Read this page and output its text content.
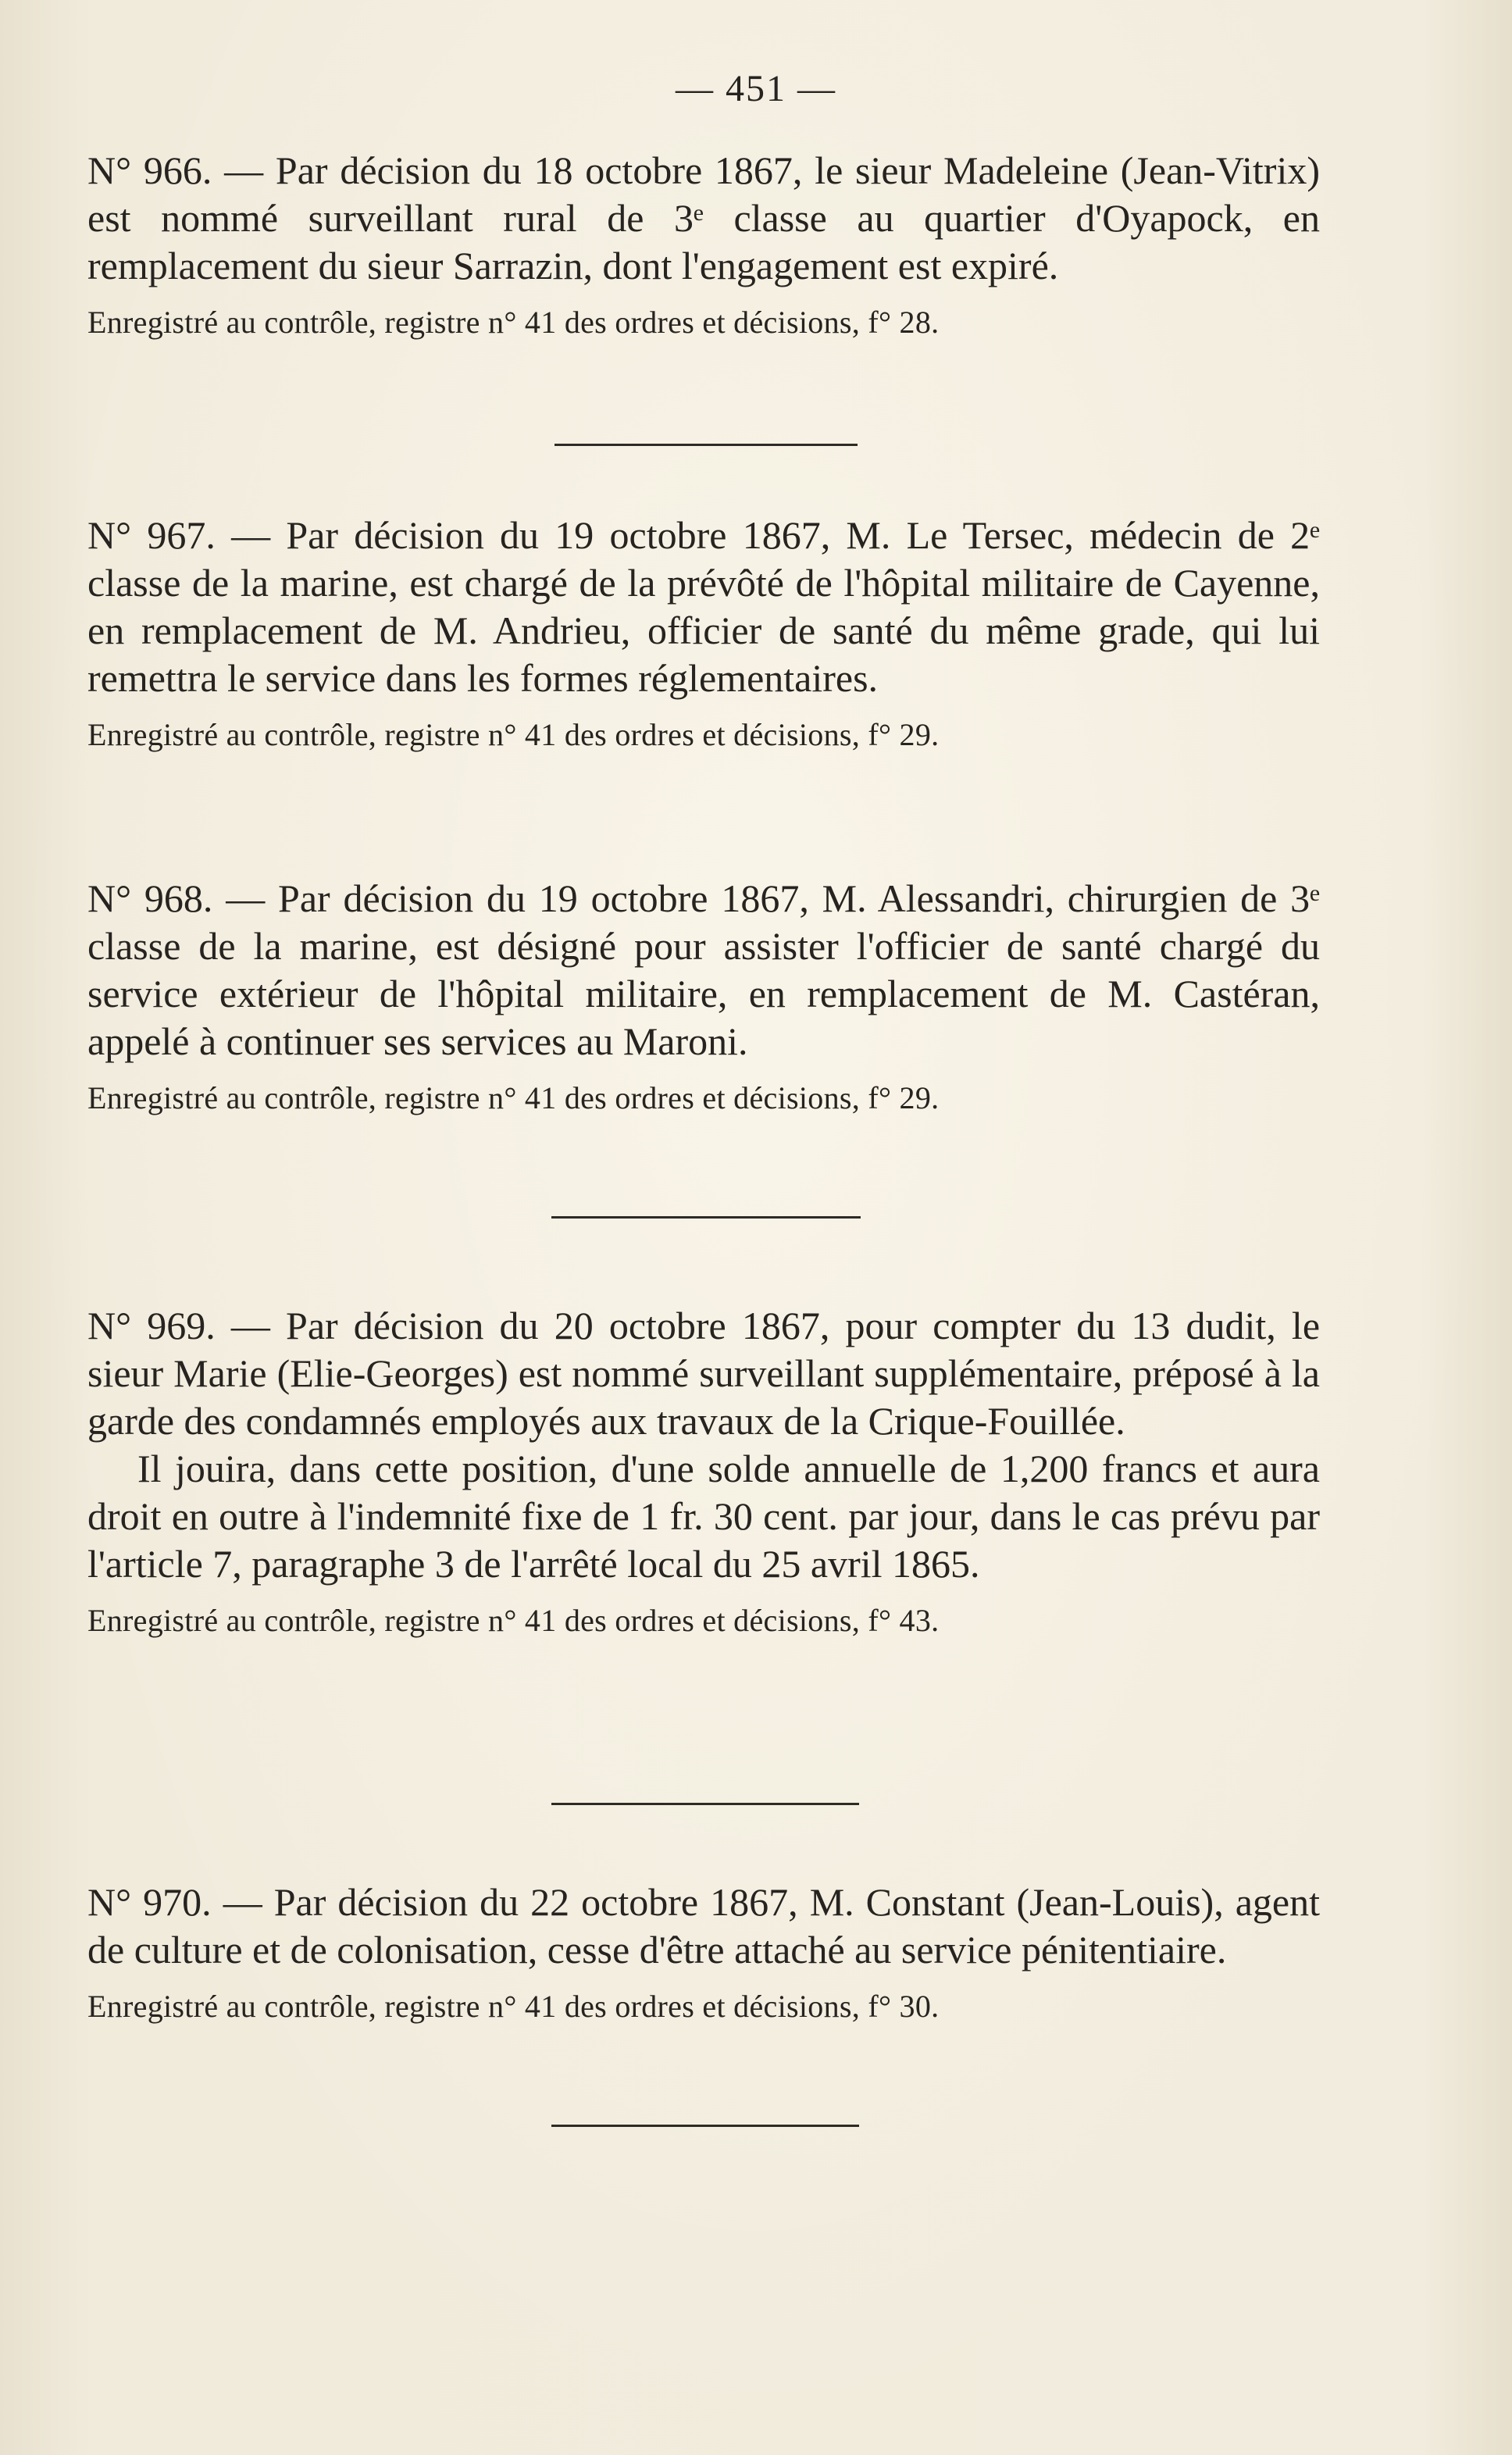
— 451 —

N° 966. — Par décision du 18 octobre 1867, le sieur Madeleine (Jean-Vitrix) est nommé surveillant rural de 3ᵉ classe au quartier d'Oyapock, en remplacement du sieur Sarrazin, dont l'engagement est expiré.

Enregistré au contrôle, registre n° 41 des ordres et décisions, f° 28.

N° 967. — Par décision du 19 octobre 1867, M. Le Tersec, médecin de 2ᵉ classe de la marine, est chargé de la prévôté de l'hôpital militaire de Cayenne, en remplacement de M. Andrieu, officier de santé du même grade, qui lui remettra le service dans les formes réglementaires.

Enregistré au contrôle, registre n° 41 des ordres et décisions, f° 29.

N° 968. — Par décision du 19 octobre 1867, M. Alessandri, chirurgien de 3ᵉ classe de la marine, est désigné pour assister l'officier de santé chargé du service extérieur de l'hôpital militaire, en remplacement de M. Castéran, appelé à continuer ses services au Maroni.

Enregistré au contrôle, registre n° 41 des ordres et décisions, f° 29.

N° 969. — Par décision du 20 octobre 1867, pour compter du 13 dudit, le sieur Marie (Elie-Georges) est nommé surveillant supplémentaire, préposé à la garde des condamnés employés aux travaux de la Crique-Fouillée.

Il jouira, dans cette position, d'une solde annuelle de 1,200 francs et aura droit en outre à l'indemnité fixe de 1 fr. 30 cent. par jour, dans le cas prévu par l'article 7, paragraphe 3 de l'arrêté local du 25 avril 1865.

Enregistré au contrôle, registre n° 41 des ordres et décisions, f° 43.

N° 970. — Par décision du 22 octobre 1867, M. Constant (Jean-Louis), agent de culture et de colonisation, cesse d'être attaché au service pénitentiaire.

Enregistré au contrôle, registre n° 41 des ordres et décisions, f° 30.
